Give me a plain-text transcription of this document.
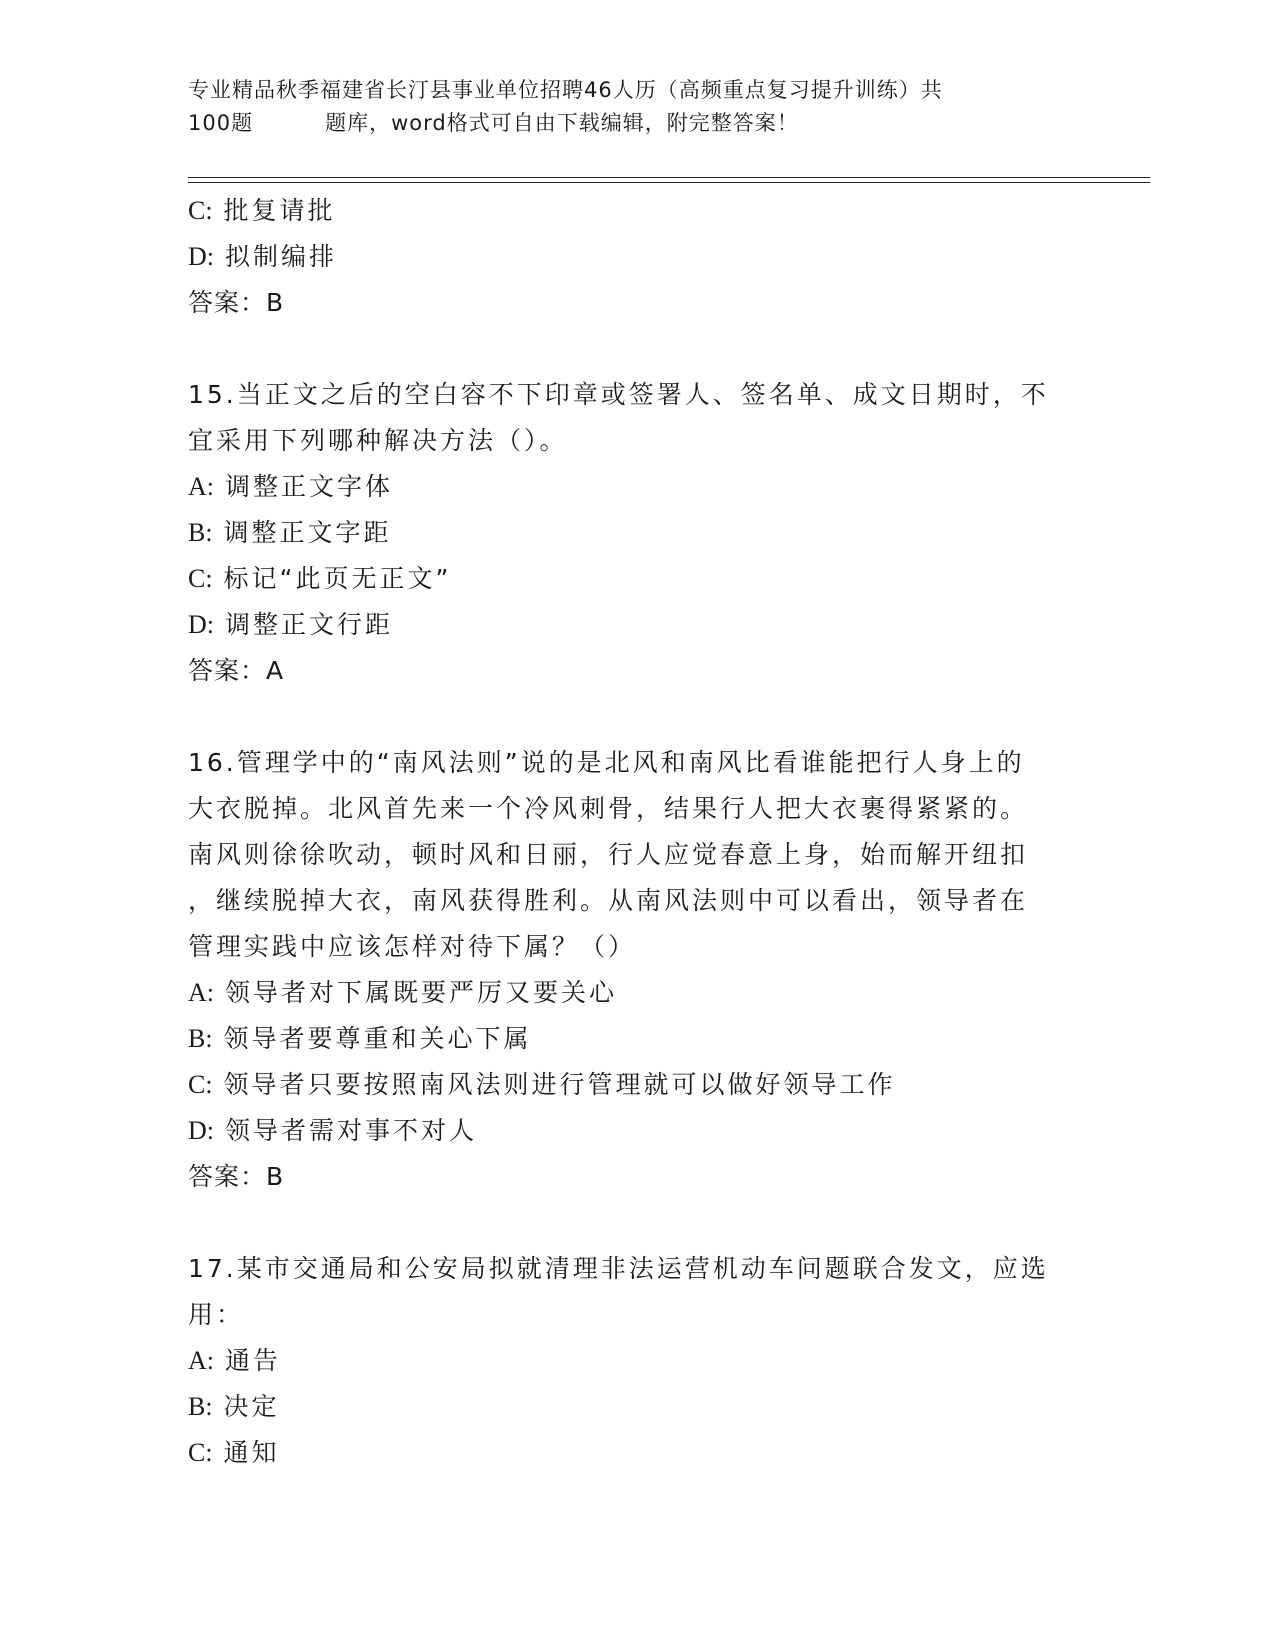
专业精品秋季福建省长汀县事业单位招聘46人历（高频重点复习提升训练）共
100题	题库，word格式可自由下载编辑，附完整答案！
C: 批复请批
D: 拟制编排
答案：B
15.当正文之后的空白容不下印章或签署人、签名单、成文日期时，不
宜采用下列哪种解决方法（）。
A: 调整正文字体
B: 调整正文字距
C: 标记“此页无正文”
D: 调整正文行距
答案：A
16.管理学中的“南风法则”说的是北风和南风比看谁能把行人身上的
大衣脱掉。北风首先来一个冷风刺骨，结果行人把大衣裹得紧紧的。
南风则徐徐吹动，顿时风和日丽，行人应觉春意上身，始而解开纽扣
，继续脱掉大衣，南风获得胜利。从南风法则中可以看出，领导者在
管理实践中应该怎样对待下属？（）
A: 领导者对下属既要严厉又要关心
B: 领导者要尊重和关心下属
C: 领导者只要按照南风法则进行管理就可以做好领导工作
D: 领导者需对事不对人
答案：B
17.某市交通局和公安局拟就清理非法运营机动车问题联合发文，应选
用：
A: 通告
B: 决定
C: 通知
